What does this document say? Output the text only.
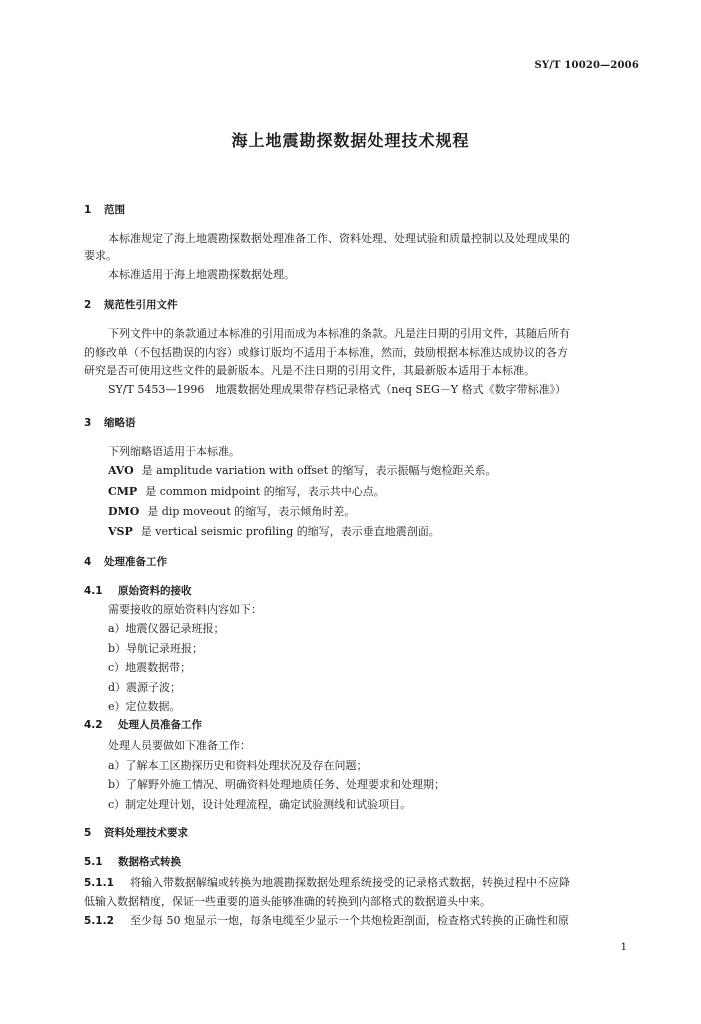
SY/T 10020—2006
海上地震勘探数据处理技术规程
1 范围
本标准规定了海上地震勘探数据处理准备工作、资料处理、处理试验和质量控制以及处理成果的
要求。
本标准适用于海上地震勘探数据处理。
2 规范性引用文件
下列文件中的条款通过本标准的引用而成为本标准的条款。凡是注日期的引用文件，其随后所有
的修改单（不包括勘误的内容）或修订版均不适用于本标准，然而，鼓励根据本标准达成协议的各方
研究是否可使用这些文件的最新版本。凡是不注日期的引用文件，其最新版本适用于本标准。
SY/T 5453—1996　地震数据处理成果带存档记录格式（neq SEG－Y 格式《数字带标准》）
3 缩略语
下列缩略语适用于本标准。
AVO 是 amplitude variation with offset 的缩写，表示振幅与炮检距关系。
CMP 是 common midpoint 的缩写，表示共中心点。
DMO 是 dip moveout 的缩写，表示倾角时差。
VSP 是 vertical seismic profiling 的缩写，表示垂直地震剖面。
4 处理准备工作
4.1 原始资料的接收
需要接收的原始资料内容如下：
a）地震仪器记录班报；
b）导航记录班报；
c）地震数据带；
d）震源子波；
e）定位数据。
4.2 处理人员准备工作
处理人员要做如下准备工作：
a）了解本工区勘探历史和资料处理状况及存在问题；
b）了解野外施工情况、明确资料处理地质任务、处理要求和处理期；
c）制定处理计划，设计处理流程，确定试验测线和试验项目。
5 资料处理技术要求
5.1 数据格式转换
5.1.1 将输入带数据解编或转换为地震勘探数据处理系统接受的记录格式数据，转换过程中不应降
低输入数据精度，保证一些重要的道头能够准确的转换到内部格式的数据道头中来。
5.1.2 至少每 50 炮显示一炮，每条电缆至少显示一个共炮检距剖面，检查格式转换的正确性和原
1
